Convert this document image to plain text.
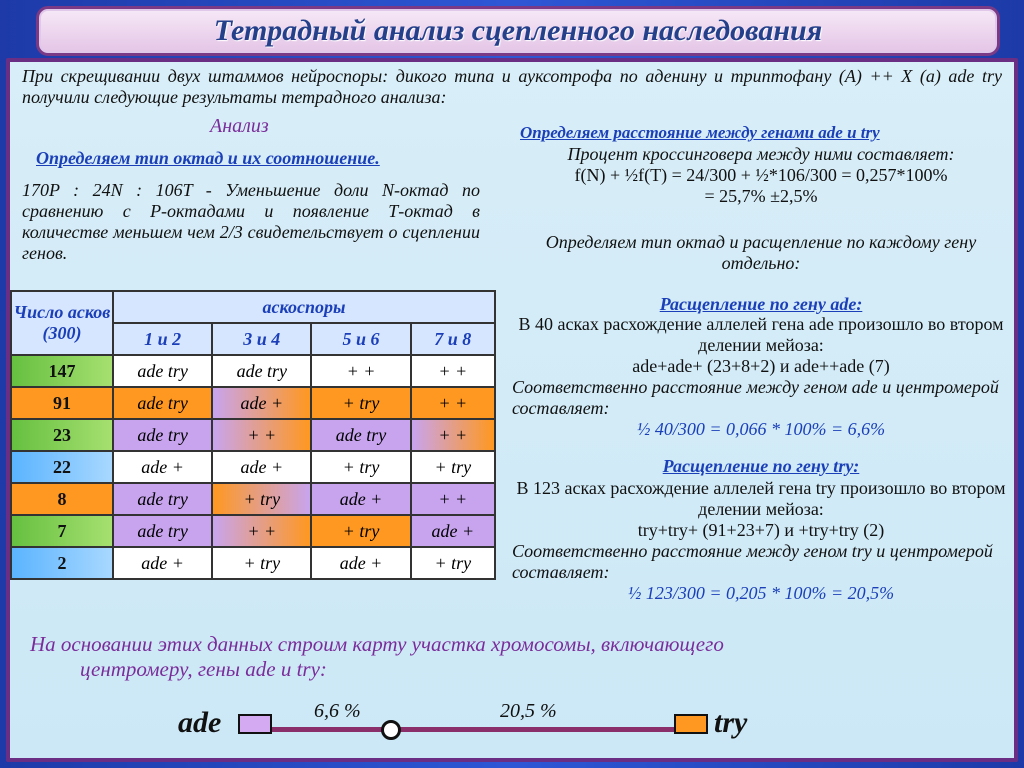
Тетрадный анализ сцепленного наследования
При скрещивании двух штаммов нейроспоры: дикого типа и ауксотрофа по аденину и триптофану (А) ++ Х (а) ade try получили следующие результаты тетрадного анализа:
Анализ
Определяем тип октад и их соотношение.
170P : 24N : 106T - Уменьшение доли N-октад по сравнению с Р-октадами и появление Т-октад в количестве меньшем чем 2/3 свидетельствует о сцеплении генов.
Число асков (300)	аскоспоры			
	1 и 2	3 и 4	5 и 6	7 и 8
147	ade try	ade try	+ +	+ +
91	ade try	ade +	+ try	+ +
23	ade try	+ +	ade try	+ +
22	ade +	ade +	+ try	+ try
8	ade try	+ try	ade +	+ +
7	ade try	+ +	+ try	ade +
2	ade +	+ try	ade +	+ try
Определяем расстояние между генами ade и try
Процент кроссинговера между ними составляет:
f(N) + ½f(T) = 24/300 + ½*106/300 = 0,257*100%
= 25,7% ±2,5%
Определяем тип октад и расщепление по каждому гену отдельно:
Расщепление по гену ade:
В 40 асках расхождение аллелей гена ade произошло во втором делении мейоза:
ade+ade+ (23+8+2) и ade++ade (7)
Соответственно расстояние между геном ade и центромерой составляет:
½ 40/300 = 0,066 * 100% = 6,6%
Расщепление по гену try:
В 123 асках расхождение аллелей гена try произошло во втором делении мейоза:
try+try+ (91+23+7) и +try+try (2)
Соответственно расстояние между геном try и центромерой составляет:
½ 123/300 = 0,205 * 100% = 20,5%
На основании этих данных строим карту участка хромосомы, включающего
центромеру, гены ade и try:
ade	try
6,6 %	20,5 %
